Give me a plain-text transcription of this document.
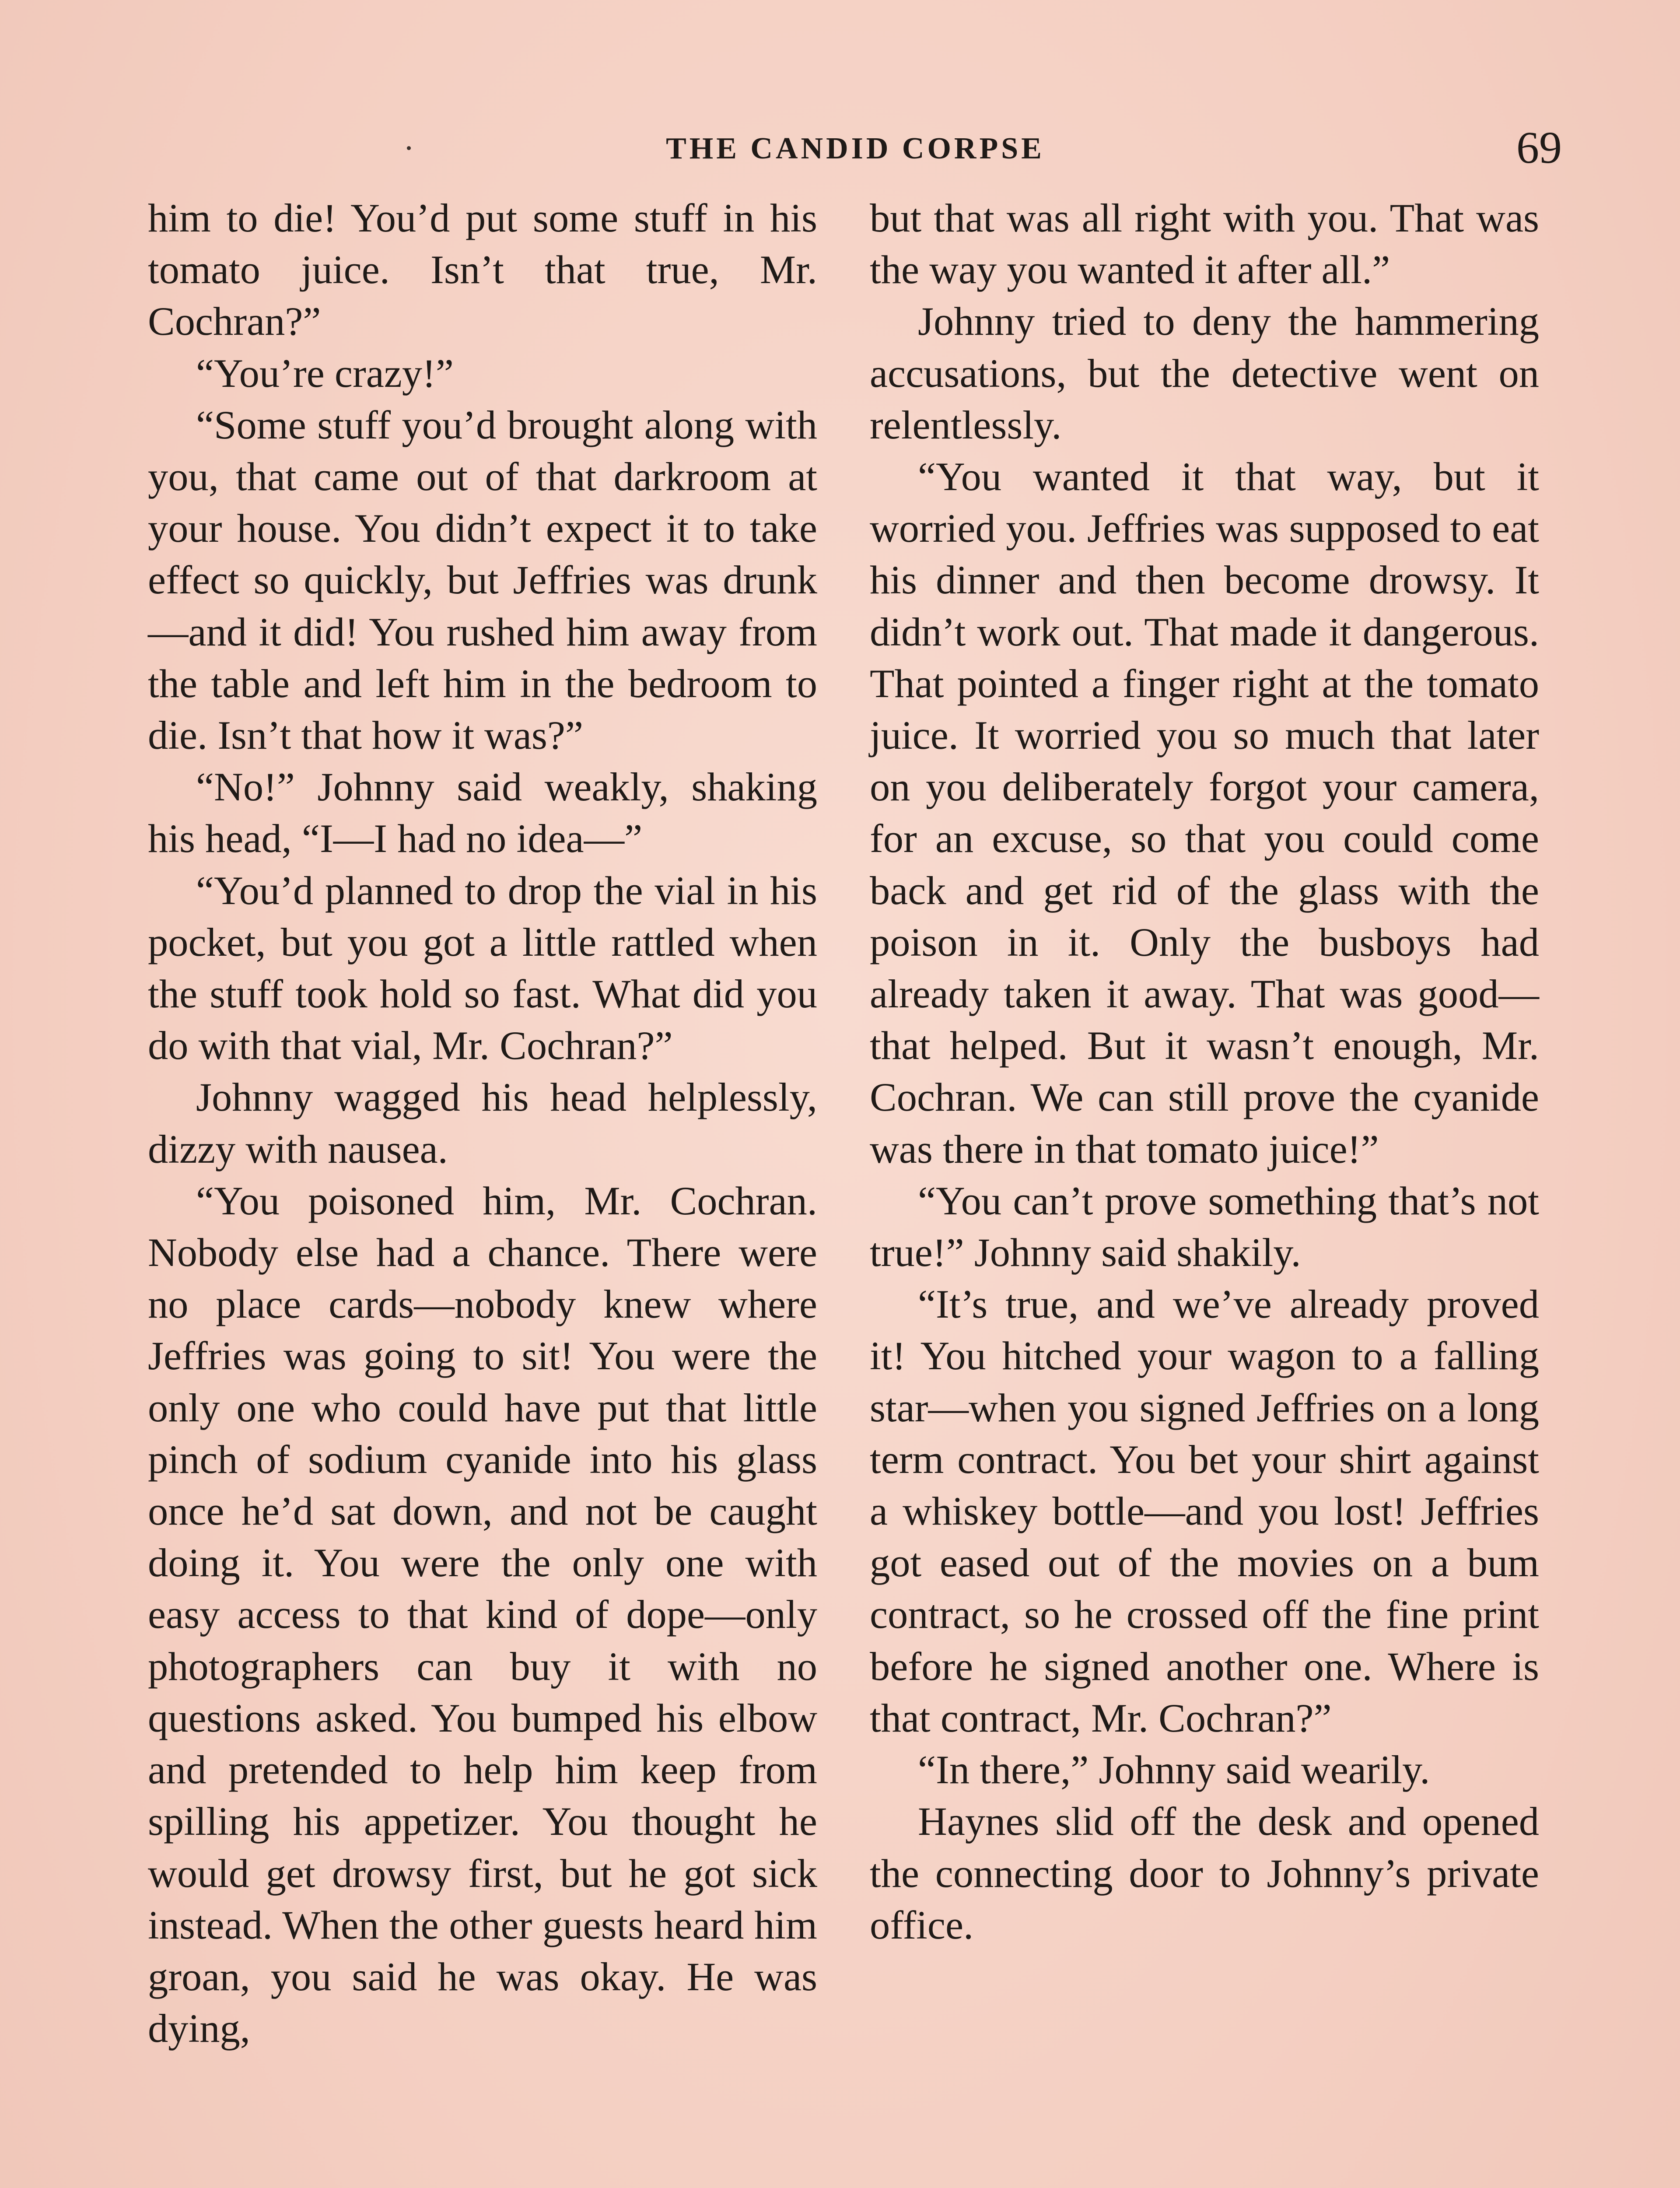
THE CANDID CORPSE	69

him to die! You’d put some stuff in his tomato juice. Isn’t that true, Mr. Cochran?”

“You’re crazy!”

“Some stuff you’d brought along with you, that came out of that darkroom at your house. You didn’t expect it to take effect so quickly, but Jeffries was drunk—and it did! You rushed him away from the table and left him in the bedroom to die. Isn’t that how it was?”

“No!” Johnny said weakly, shaking his head, “I—I had no idea—”

“You’d planned to drop the vial in his pocket, but you got a little rattled when the stuff took hold so fast. What did you do with that vial, Mr. Cochran?”

Johnny wagged his head helplessly, dizzy with nausea.

“You poisoned him, Mr. Cochran. Nobody else had a chance. There were no place cards—nobody knew where Jeffries was going to sit! You were the only one who could have put that little pinch of sodium cyanide into his glass once he’d sat down, and not be caught doing it. You were the only one with easy access to that kind of dope—only photographers can buy it with no questions asked. You bumped his elbow and pretended to help him keep from spilling his appetizer. You thought he would get drowsy first, but he got sick instead. When the other guests heard him groan, you said he was okay. He was dying,

but that was all right with you. That was the way you wanted it after all.”

Johnny tried to deny the hammering accusations, but the detective went on relentlessly.

“You wanted it that way, but it worried you. Jeffries was supposed to eat his dinner and then become drowsy. It didn’t work out. That made it dangerous. That pointed a finger right at the tomato juice. It worried you so much that later on you deliberately forgot your camera, for an excuse, so that you could come back and get rid of the glass with the poison in it. Only the busboys had already taken it away. That was good—that helped. But it wasn’t enough, Mr. Cochran. We can still prove the cyanide was there in that tomato juice!”

“You can’t prove something that’s not true!” Johnny said shakily.

“It’s true, and we’ve already proved it! You hitched your wagon to a falling star—when you signed Jeffries on a long term contract. You bet your shirt against a whiskey bottle—and you lost! Jeffries got eased out of the movies on a bum contract, so he crossed off the fine print before he signed another one. Where is that contract, Mr. Cochran?”

“In there,” Johnny said wearily.

Haynes slid off the desk and opened the connecting door to Johnny’s private office.
